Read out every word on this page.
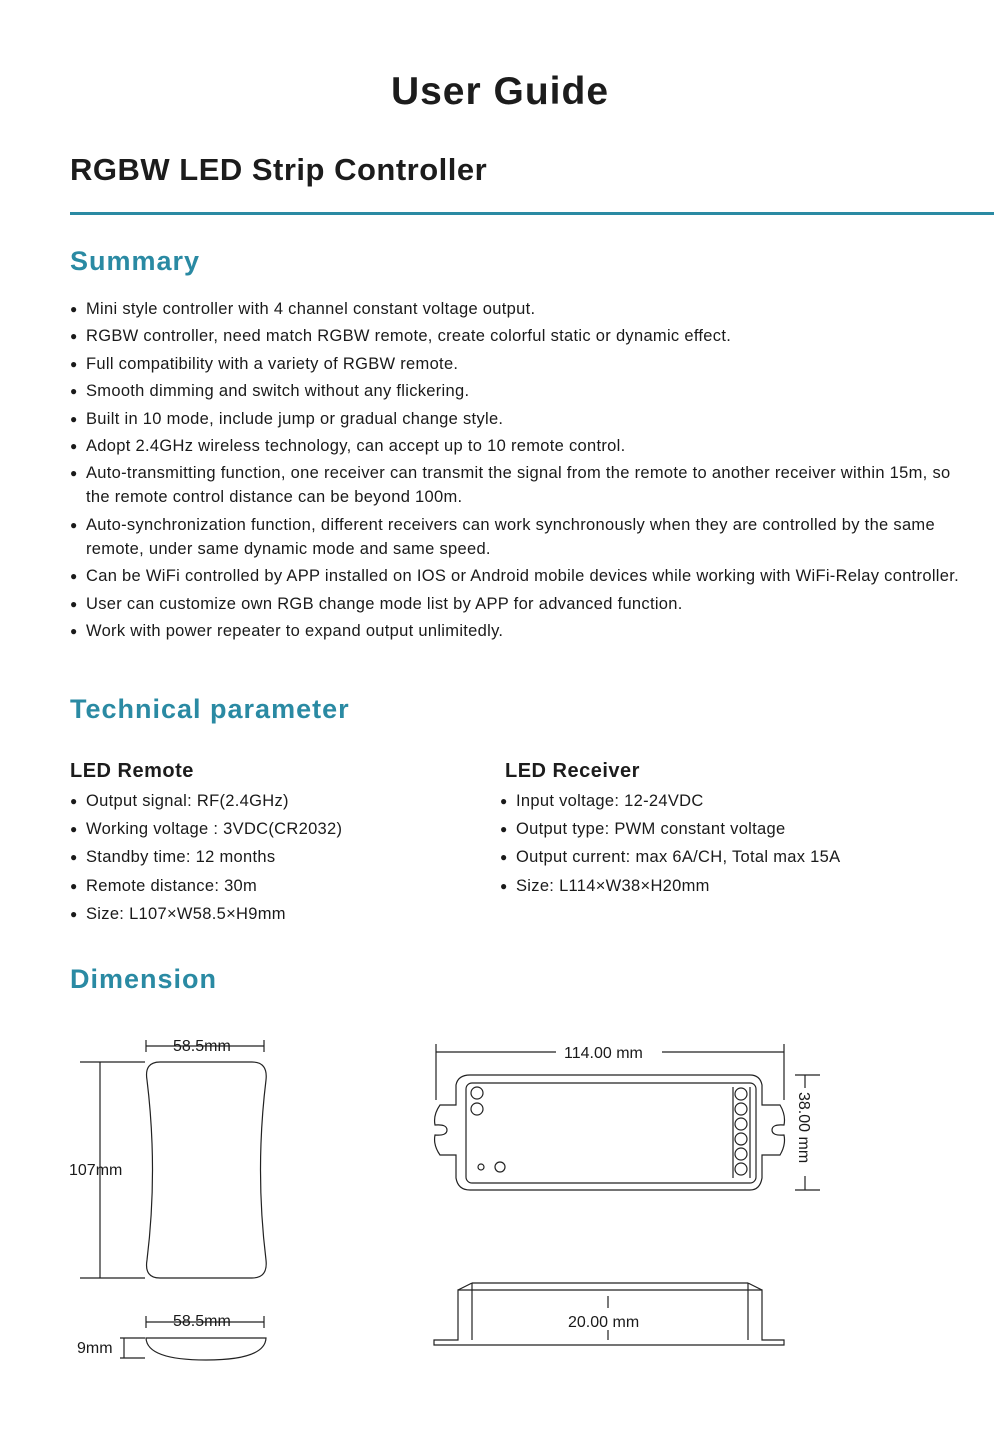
User Guide
RGBW LED Strip Controller
Summary
● Mini style controller with 4 channel constant voltage output.
● RGBW controller, need match RGBW remote, create colorful static or dynamic effect.
● Full compatibility with a variety of RGBW remote.
● Smooth dimming and switch without any flickering.
● Built in 10 mode, include jump or gradual change style.
● Adopt 2.4GHz wireless technology, can accept up to 10 remote control.
● Auto-transmitting function, one receiver can transmit the signal from the remote to another receiver within 15m, so the remote control distance can be beyond 100m.
● Auto-synchronization function, different receivers can work synchronously when they are controlled by the same remote, under same dynamic mode and same speed.
● Can be WiFi controlled by APP installed on IOS or Android mobile devices while working with WiFi-Relay controller.
● User can customize own RGB change mode list by APP for advanced function.
● Work with power repeater to expand output unlimitedly.
Technical parameter
LED Remote	LED Receiver
● Output signal: RF(2.4GHz)
● Working voltage : 3VDC(CR2032)
● Standby time: 12 months
● Remote distance: 30m
● Size: L107×W58.5×H9mm
● Input voltage: 12-24VDC
● Output type: PWM constant voltage
● Output current: max 6A/CH, Total max 15A
● Size: L114×W38×H20mm
Dimension
58.5mm
107mm
58.5mm
9mm
114.00 mm
38.00 mm
20.00 mm
